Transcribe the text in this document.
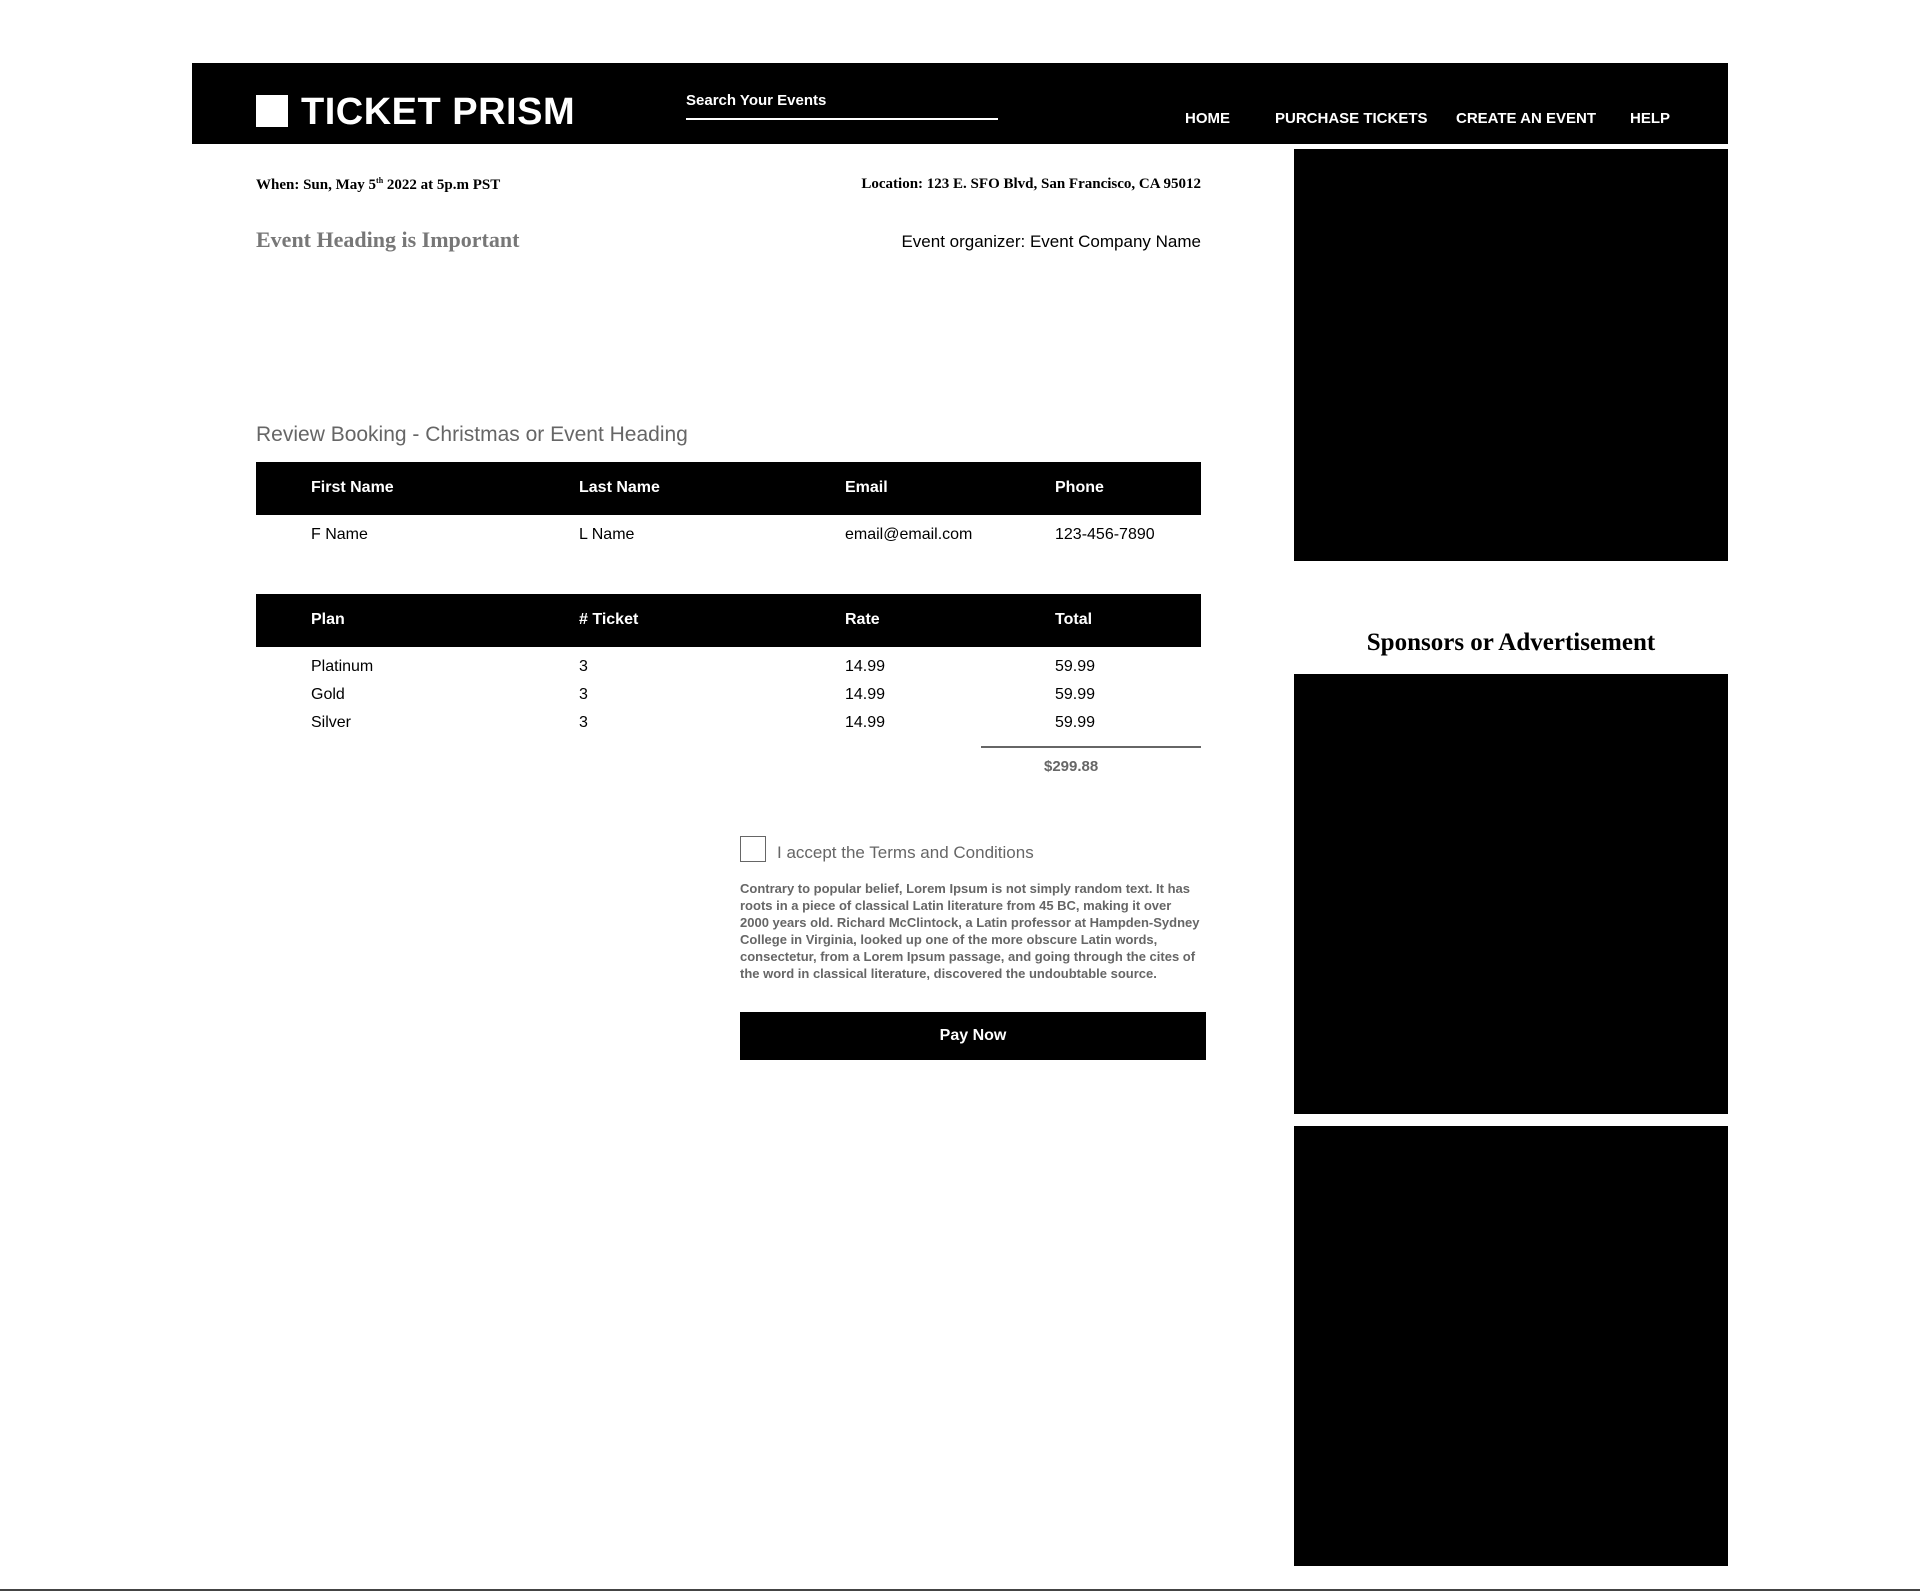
TICKET PRISM
Search Your Events	HOME	PURCHASE TICKETS CREATE AN EVENT HELP
When: Sun, May 5th 2022 at 5p.m PST	Location: 123 E. SFO Blvd, San Francisco, CA 95012
Event Heading is Important	Event organizer: Event Company Name
Review Booking - Christmas or Event Heading
First Name	Last Name	Email	Phone
F Name	L Name	email@email.com	123-456-7890
Plan	# Ticket	Rate	Total
Platinum	3	14.99	59.99
Gold	3	14.99	59.99
Silver	3	14.99	59.99
$299.88
I accept the Terms and Conditions
Contrary to popular belief, Lorem Ipsum is not simply random text. It has roots in a piece of classical Latin literature from 45 BC, making it over 2000 years old. Richard McClintock, a Latin professor at Hampden-Sydney College in Virginia, looked up one of the more obscure Latin words, consectetur, from a Lorem Ipsum passage, and going through the cites of the word in classical literature, discovered the undoubtable source.
Pay Now
Sponsors or Advertisement
